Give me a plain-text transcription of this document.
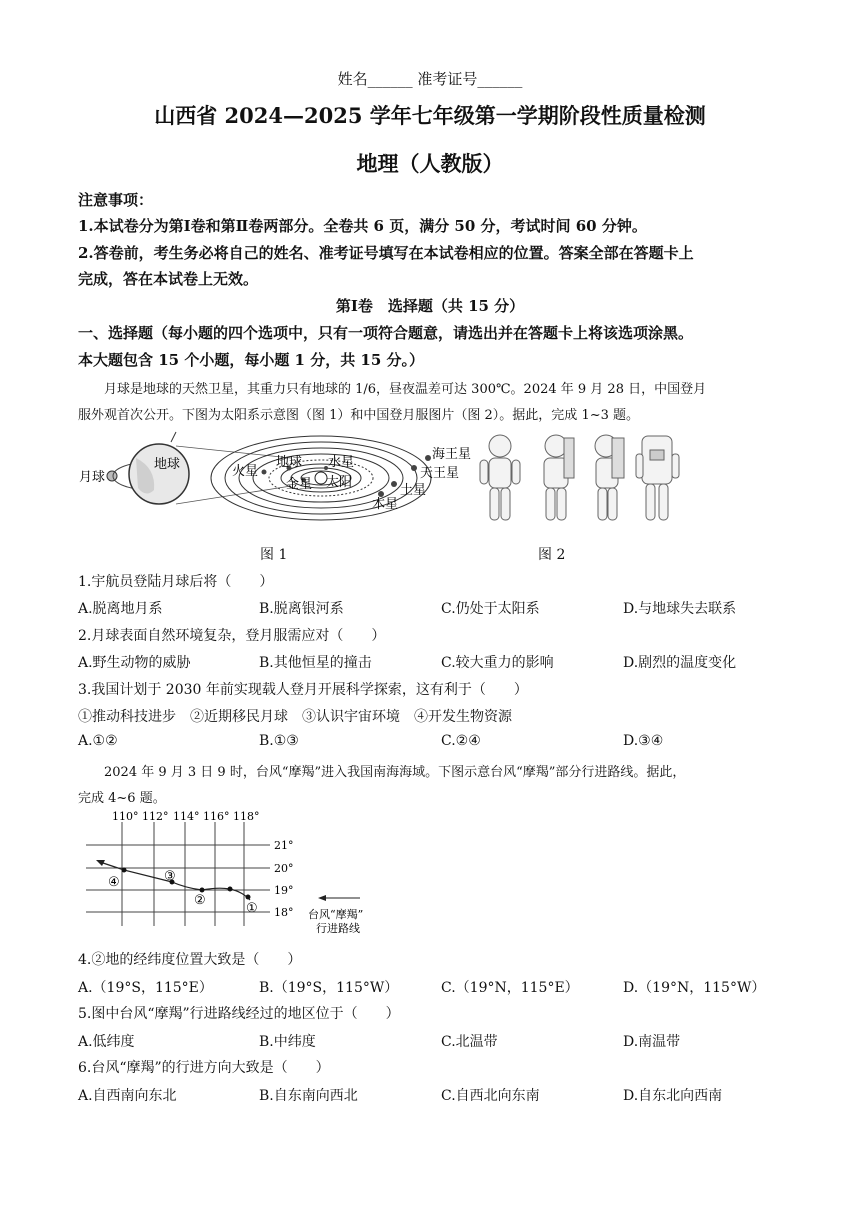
姓名______ 准考证号______
山西省 2024—2025 学年七年级第一学期阶段性质量检测
地理（人教版）
注意事项：
1.本试卷分为第Ⅰ卷和第Ⅱ卷两部分。全卷共 6 页，满分 50 分，考试时间 60 分钟。
2.答卷前，考生务必将自己的姓名、准考证号填写在本试卷相应的位置。答案全部在答题卡上
完成，答在本试卷上无效。
第Ⅰ卷　选择题（共 15 分）
一、选择题（每小题的四个选项中，只有一项符合题意，请选出并在答题卡上将该选项涂黑。
本大题包含 15 个小题，每小题 1 分，共 15 分。）
月球是地球的天然卫星，其重力只有地球的 1/6，昼夜温差可达 300℃。2024 年 9 月 28 日，中国登月
服外观首次公开。下图为太阳系示意图（图 1）和中国登月服图片（图 2）。据此，完成 1~3 题。
月球
地球
海王星
天王星
土星
木星
火星
地球
金星
水星
太阳
图 1	图 2
1.宇航员登陆月球后将（　　）
A.脱离地月系	B.脱离银河系	C.仍处于太阳系	D.与地球失去联系
2.月球表面自然环境复杂，登月服需应对（　　）
A.野生动物的威胁	B.其他恒星的撞击	C.较大重力的影响	D.剧烈的温度变化
3.我国计划于 2030 年前实现载人登月开展科学探索，这有利于（　　）
①推动科技进步　②近期移民月球　③认识宇宙环境　④开发生物资源
A.①②	B.①③	C.②④	D.③④
2024 年 9 月 3 日 9 时，台风“摩羯”进入我国南海海域。下图示意台风“摩羯”部分行进路线。据此，
完成 4~6 题。
110° 112° 114° 116° 118°
21°
20°
19°
18°
④	③
②
①	台风“摩羯”
行进路线
4.②地的经纬度位置大致是（　　）
A.（19°S，115°E）	B.（19°S，115°W）	C.（19°N，115°E）	D.（19°N，115°W）
5.图中台风“摩羯”行进路线经过的地区位于（　　）
A.低纬度	B.中纬度	C.北温带	D.南温带
6.台风“摩羯”的行进方向大致是（　　）
A.自西南向东北	B.自东南向西北	C.自西北向东南	D.自东北向西南
